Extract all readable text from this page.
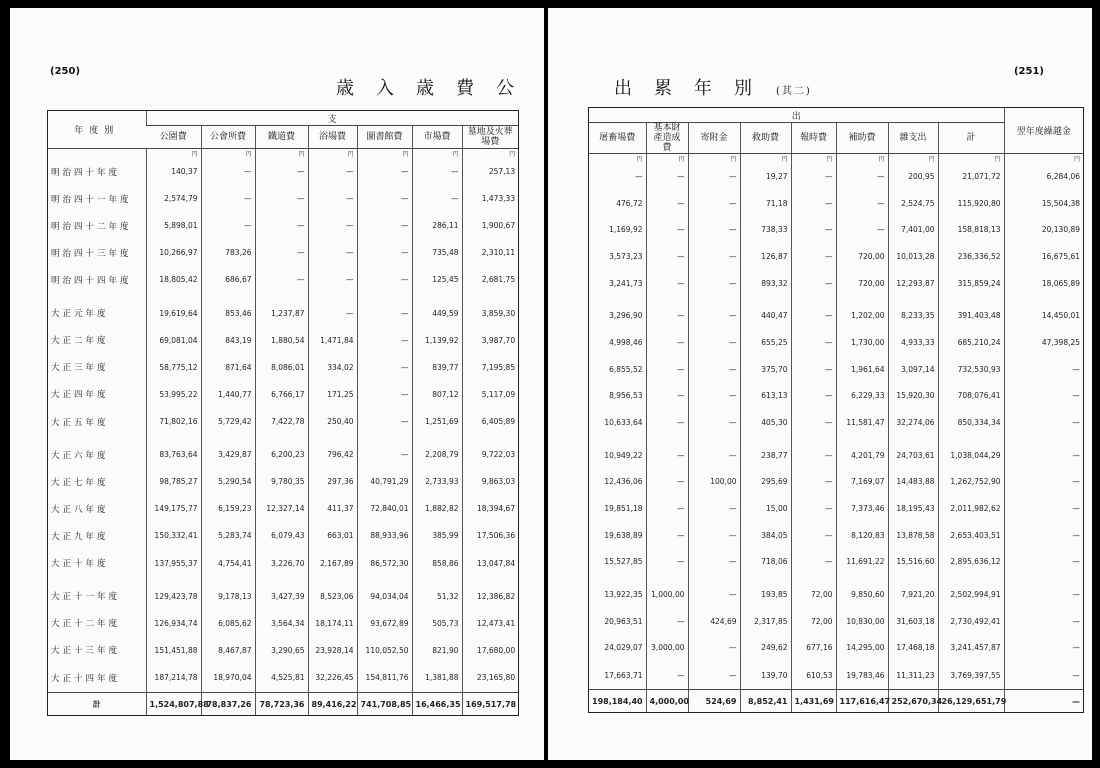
(250)
歳入歳費公
年度別	支						
	公園費	公會所費	鐵道費	浴場費	圖書館費	市場費	墓地及火葬場費
	円	円	円	円	円	円	円
明治四十年度	140,37	—	—	—	—	—	257,13
明治四十一年度	2,574,79	—	—	—	—	—	1,473,33
明治四十二年度	5,898,01	—	—	—	—	286,11	1,900,67
明治四十三年度	10,266,97	783,26	—	—	—	735,48	2,310,11
明治四十四年度	18,805,42	686,67	—	—	—	125,45	2,681,75

大正元年度	19,619,64	853,46	1,237,87	—	—	449,59	3,859,30
大正二年度	69,081,04	843,19	1,880,54	1,471,84	—	1,139,92	3,987,70
大正三年度	58,775,12	871,64	8,086,01	334,02	—	839,77	7,195,85
大正四年度	53,995,22	1,440,77	6,766,17	171,25	—	807,12	5,117,09
大正五年度	71,802,16	5,729,42	7,422,78	250,40	—	1,251,69	6,405,89

大正六年度	83,763,64	3,429,87	6,200,23	796,42	—	2,208,79	9,722,03
大正七年度	98,785,27	5,290,54	9,780,35	297,36	40,791,29	2,733,93	9,863,03
大正八年度	149,175,77	6,159,23	12,327,14	411,37	72,840,01	1,882,82	18,394,67
大正九年度	150,332,41	5,283,74	6,079,43	663,01	88,933,96	385,99	17,506,36
大正十年度	137,955,37	4,754,41	3,226,70	2,167,89	86,572,30	858,86	13,047,84

大正十一年度	129,423,78	9,178,13	3,427,39	8,523,06	94,034,04	51,32	12,386,82
大正十二年度	126,934,74	6,085,62	3,564,34	18,174,11	93,672,89	505,73	12,473,41
大正十三年度	151,451,88	8,467,87	3,290,65	23,928,14	110,052,50	821,90	17,680,00
大正十四年度	187,214,78	18,970,04	4,525,81	32,226,45	154,811,76	1,381,88	23,165,80
計	1,524,807,88	78,837,26	78,723,36	89,416,22	741,708,85	16,466,35	169,517,78
(251)
出累年別 (其二)
出								翌年度繰越金
屠畜場費	基本財產造成費	寄附金	救助費	報時費	補助費	雜支出	計	
円	円	円	円	円	円	円	円	円
—	—	—	19,27	—	—	200,95	21,071,72	6,284,06
476,72	—	—	71,18	—	—	2,524,75	115,920,80	15,504,38
1,169,92	—	—	738,33	—	—	7,401,00	158,818,13	20,130,89
3,573,23	—	—	126,87	—	720,00	10,013,28	236,336,52	16,675,61
3,241,73	—	—	893,32	—	720,00	12,293,87	315,859,24	18,065,89

3,296,90	—	—	440,47	—	1,202,00	8,233,35	391,403,48	14,450,01
4,998,46	—	—	655,25	—	1,730,00	4,933,33	685,210,24	47,398,25
6,855,52	—	—	375,70	—	1,961,64	3,097,14	732,530,93	—
8,956,53	—	—	613,13	—	6,229,33	15,920,30	708,076,41	—
10,633,64	—	—	405,30	—	11,581,47	32,274,06	850,334,34	—

10,949,22	—	—	238,77	—	4,201,79	24,703,61	1,038,044,29	—
12,436,06	—	100,00	295,69	—	7,169,07	14,483,88	1,262,752,90	—
19,851,18	—	—	15,00	—	7,373,46	18,195,43	2,011,982,62	—
19,638,89	—	—	384,05	—	8,120,83	13,878,58	2,653,403,51	—
15,527,85	—	—	718,06	—	11,691,22	15,516,60	2,895,636,12	—

13,922,35	1,000,00	—	193,85	72,00	9,850,60	7,921,20	2,502,994,91	—
20,963,51	—	424,69	2,317,85	72,00	10,830,00	31,603,18	2,730,492,41	—
24,029,07	3,000,00	—	249,62	677,16	14,295,00	17,468,18	3,241,457,87	—
17,663,71	—	—	139,70	610,53	19,783,46	11,311,23	3,769,397,55	—
198,184,40	4,000,00	524,69	8,852,41	1,431,69	117,616,47	252,670,34	26,129,651,79	—
